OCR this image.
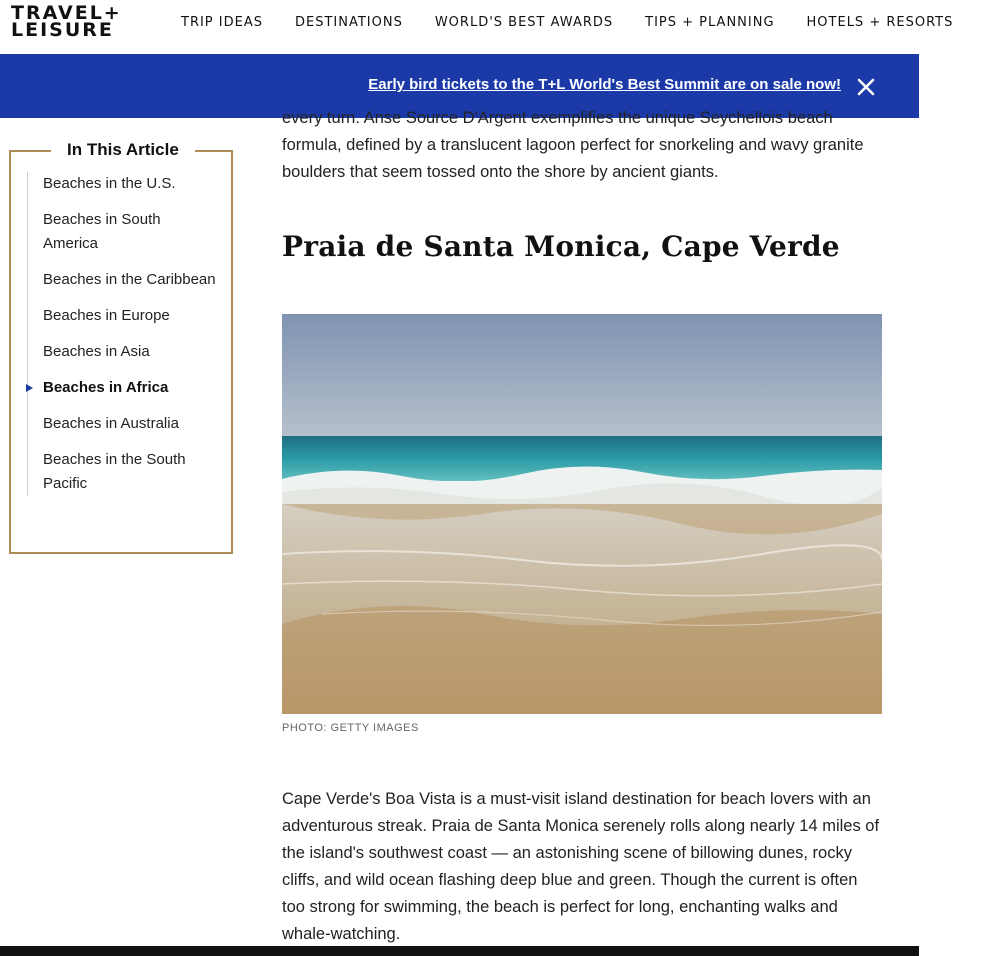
TRAVEL+
LEISURE	TRIP IDEAS DESTINATIONS WORLD'S BEST AWARDS TIPS + PLANNING HOTELS + RESORTS
Early bird tickets to the T+L World's Best Summit are on sale now!
every turn. Anse Source D'Argent exemplifies the unique Seychellois beach formula, defined by a translucent lagoon perfect for snorkeling and wavy granite boulders that seem tossed onto the shore by ancient giants.
In This Article
Beaches in the U.S.
Beaches in South America
Beaches in the Caribbean
Beaches in Europe
Beaches in Asia
Beaches in Africa
Beaches in Australia
Beaches in the South Pacific
Praia de Santa Monica, Cape Verde
PHOTO: GETTY IMAGES

Cape Verde's Boa Vista is a must-visit island destination for beach lovers with an adventurous streak. Praia de Santa Monica serenely rolls along nearly 14 miles of the island's southwest coast — an astonishing scene of billowing dunes, rocky cliffs, and wild ocean flashing deep blue and green. Though the current is often too strong for swimming, the beach is perfect for long, enchanting walks and whale-watching.
